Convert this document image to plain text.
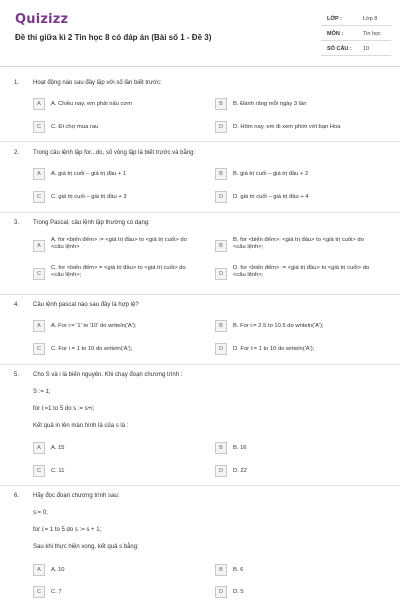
Quizizz
Đề thi giữa kì 2 Tin học 8 có đáp án (Bài số 1 - Đề 3)
LỚP :	Lớp 8
MÔN :	Tin học
SỐ CÂU : 10
1. Hoạt động nào sau đây lặp với số lần biết trước:
A	A. Chiều nay, em phải nấu cơm	B	B. Đánh răng mỗi ngày 3 lần
C	C. Đi chợ mua rau	D	D. Hôm nay, em đi xem phim với bạn Hoa
2. Trong câu lệnh lặp for...do, số vòng lặp là biết trước và bằng:
A	A. giá trị cuối – giá trị đầu + 1	B	B. giá trị cuối – giá trị đầu + 2
C	C. giá trị cuối – giá trị đầu + 3	D	D. giá trị cuối – giá trị đầu + 4
3. Trong Pascal, câu lệnh lặp thường có dạng:
A
A. for <biến đếm> := <giá trị đầu> to <giá trị cuối> do <câu lệnh>	B
B. for <biến đếm>: <giá trị đầu> to <giá trị cuối> do <câu lệnh>;
C
C. for <biến đếm> = <giá trị đầu> to <giá trị cuối> do <câu lệnh>;	D
D. for <biến đếm> := <giá trị đầu> to <giá trị cuối> do <câu lệnh>;
4. Câu lệnh pascal nào sau đây là hợp lệ?
A	A. For i:= '1' to '10' do writeln('A');	B	B. For i:= 2.5 to 10.5 do writeln('A');
C	C. For i = 1 to 10 do writeln('A');	D	D. For i:= 1 to 10 do writeln('A');
5. Cho S và i là biến nguyên. Khi chạy đoạn chương trình :
S := 1;
for i:=1 to 5 do s := s+i;
Kết quả in lên màn hình là của s là :
A	A. 15	B	B. 16
C	C. 11	D	D. 22
6. Hãy đọc đoạn chương trình sau:
s:= 0;
for i:= 1 to 5 do s := s + 1;
Sau khi thực hiện xong, kết quả s bằng:
A	A. 10	B	B. 6
C	C. 7	D	D. 5
